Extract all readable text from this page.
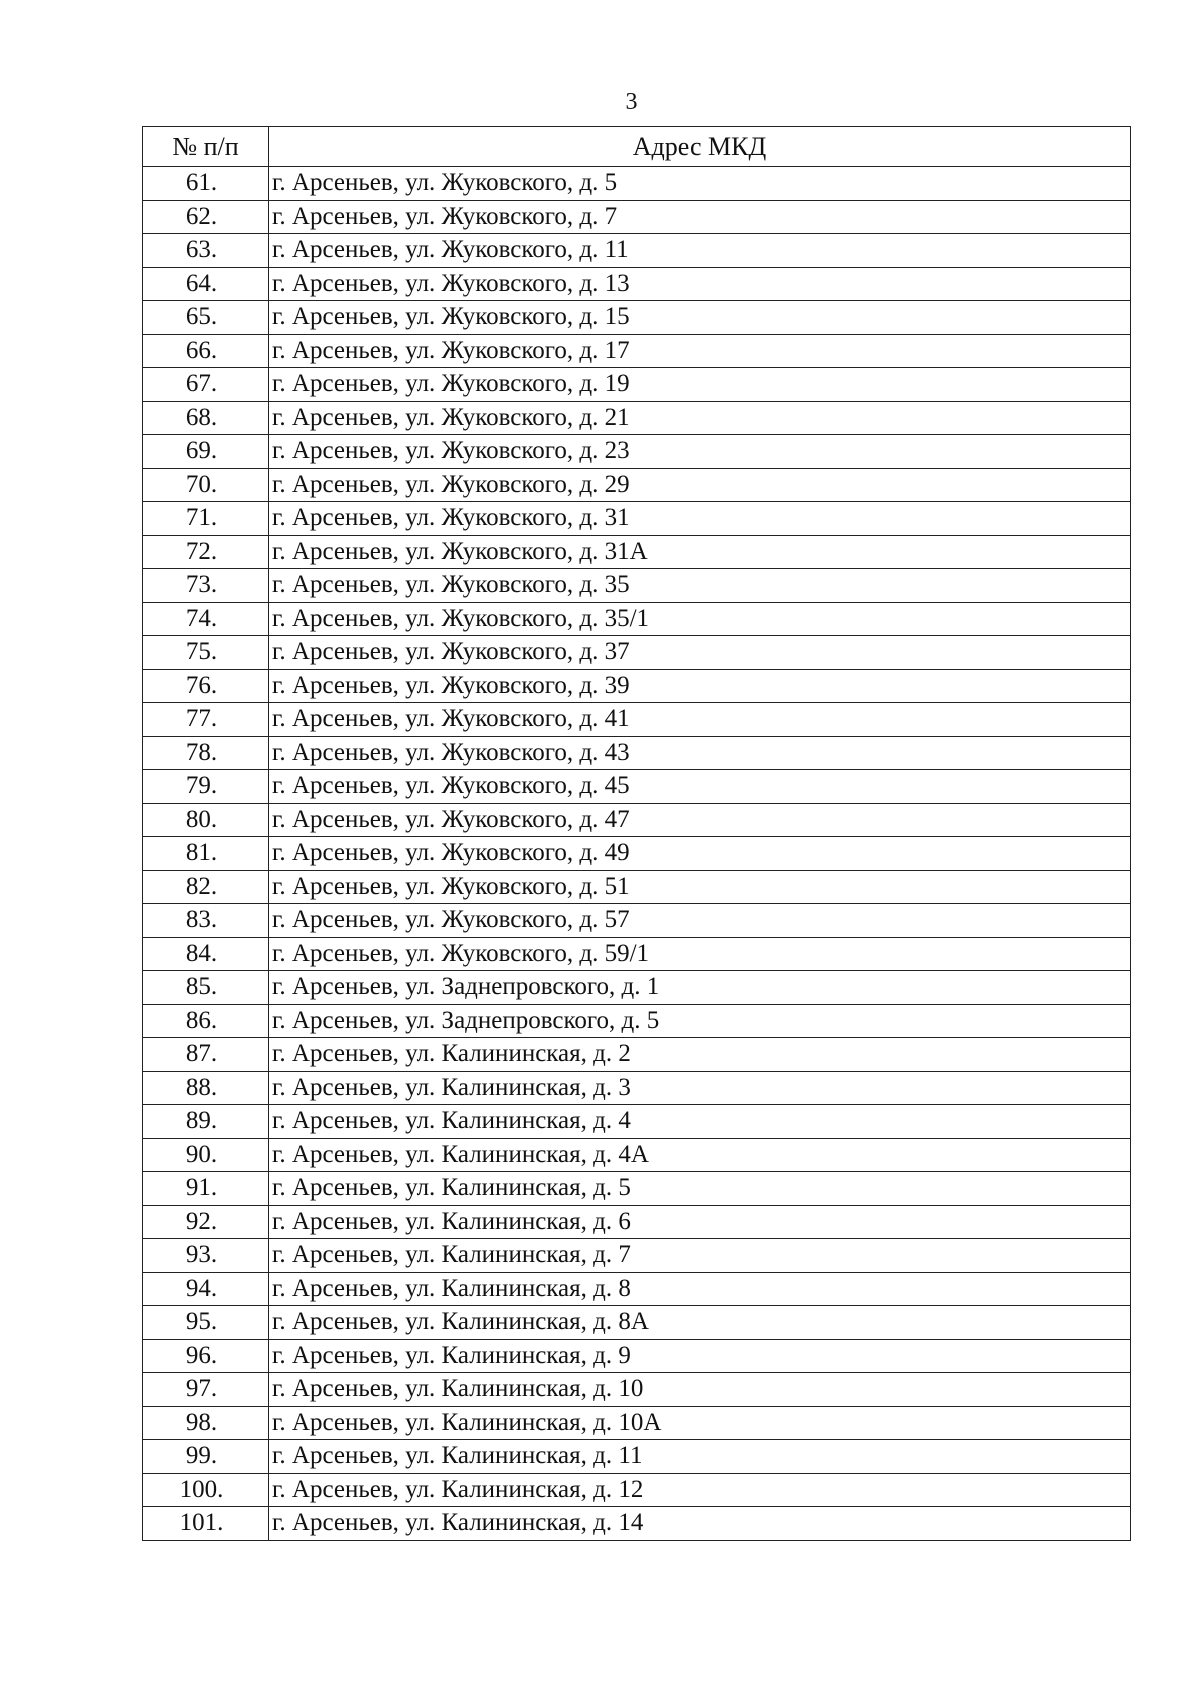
3
№ п/п	Адрес МКД
61.	г. Арсеньев, ул. Жуковского, д. 5
62.	г. Арсеньев, ул. Жуковского, д. 7
63.	г. Арсеньев, ул. Жуковского, д. 11
64.	г. Арсеньев, ул. Жуковского, д. 13
65.	г. Арсеньев, ул. Жуковского, д. 15
66.	г. Арсеньев, ул. Жуковского, д. 17
67.	г. Арсеньев, ул. Жуковского, д. 19
68.	г. Арсеньев, ул. Жуковского, д. 21
69.	г. Арсеньев, ул. Жуковского, д. 23
70.	г. Арсеньев, ул. Жуковского, д. 29
71.	г. Арсеньев, ул. Жуковского, д. 31
72.	г. Арсеньев, ул. Жуковского, д. 31А
73.	г. Арсеньев, ул. Жуковского, д. 35
74.	г. Арсеньев, ул. Жуковского, д. 35/1
75.	г. Арсеньев, ул. Жуковского, д. 37
76.	г. Арсеньев, ул. Жуковского, д. 39
77.	г. Арсеньев, ул. Жуковского, д. 41
78.	г. Арсеньев, ул. Жуковского, д. 43
79.	г. Арсеньев, ул. Жуковского, д. 45
80.	г. Арсеньев, ул. Жуковского, д. 47
81.	г. Арсеньев, ул. Жуковского, д. 49
82.	г. Арсеньев, ул. Жуковского, д. 51
83.	г. Арсеньев, ул. Жуковского, д. 57
84.	г. Арсеньев, ул. Жуковского, д. 59/1
85.	г. Арсеньев, ул. Заднепровского, д. 1
86.	г. Арсеньев, ул. Заднепровского, д. 5
87.	г. Арсеньев, ул. Калининская, д. 2
88.	г. Арсеньев, ул. Калининская, д. 3
89.	г. Арсеньев, ул. Калининская, д. 4
90.	г. Арсеньев, ул. Калининская, д. 4А
91.	г. Арсеньев, ул. Калининская, д. 5
92.	г. Арсеньев, ул. Калининская, д. 6
93.	г. Арсеньев, ул. Калининская, д. 7
94.	г. Арсеньев, ул. Калининская, д. 8
95.	г. Арсеньев, ул. Калининская, д. 8А
96.	г. Арсеньев, ул. Калининская, д. 9
97.	г. Арсеньев, ул. Калининская, д. 10
98.	г. Арсеньев, ул. Калининская, д. 10А
99.	г. Арсеньев, ул. Калининская, д. 11
100.	г. Арсеньев, ул. Калининская, д. 12
101.	г. Арсеньев, ул. Калининская, д. 14
